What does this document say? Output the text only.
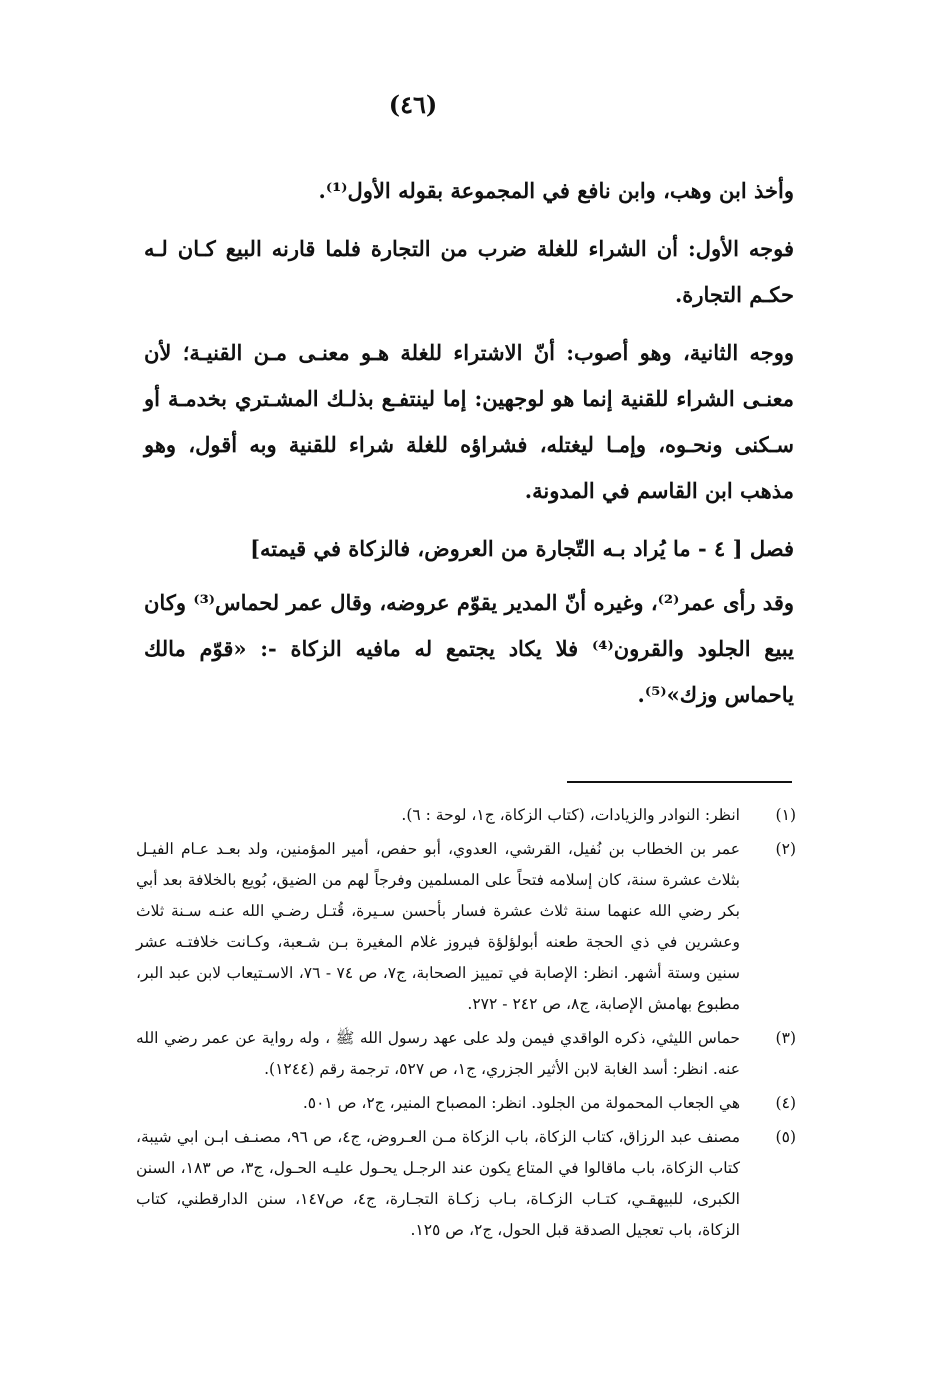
(٤٦)

وأخذ ابن وهب، وابن نافع في المجموعة بقوله الأول⁽¹⁾.

فوجه الأول: أن الشراء للغلة ضرب من التجارة فلما قارنه البيع كـان لـه حكـم التجارة.

ووجه الثانية، وهو أصوب: أنّ الاشتراء للغلة هـو معنـى مـن القنيـة؛ لأن معنـى الشراء للقنية إنما هو لوجهين: إما لينتفـع بذلـك المشـتري بخدمـة أو سـكنى ونحـوه، وإمـا ليغتله، فشراؤه للغلة شراء للقنية وبه أقول، وهو مذهب ابن القاسم في المدونة.

فصل [ ٤ - ما يُراد بـه التّجارة من العروض، فالزكاة في قيمته]

وقد رأى عمر⁽²⁾، وغيره أنّ المدير يقوّم عروضه، وقال عمر لحماس⁽³⁾ وكان يبيع الجلود والقرون⁽⁴⁾ فلا يكاد يجتمع له مافيه الزكاة -: «قوّم مالك ياحماس وزك»⁽⁵⁾.

(١)
انظر: النوادر والزيادات، (كتاب الزكاة، ج١، لوحة : ٦).
(٢)
عمر بن الخطاب بن نُفيل، القرشي، العدوي، أبو حفص، أمير المؤمنين، ولد بعـد عـام الفيـل بثلاث عشرة سنة، كان إسلامه فتحاً على المسلمين وفرجاً لهم من الضيق، بُويع بالخلافة بعد أبي بكر رضي الله عنهما سنة ثلاث عشرة فسار بأحسن سـيرة، قُتـل رضـي الله عنـه سـنة ثلاث وعشرين في ذي الحجة طعنه أبولؤلؤة فيروز غلام المغيرة بـن شـعبة، وكـانت خلافتـه عشر سنين وستة أشهر. انظر: الإصابة في تمييز الصحابة، ج٧، ص ٧٤ - ٧٦، الاسـتيعاب لابن عبد البر، مطبوع بهامش الإصابة، ج٨، ص ٢٤٢ - ٢٧٢.
(٣)
حماس الليثي، ذكره الواقدي فيمن ولد على عهد رسول الله ﷺ ، وله رواية عن عمر رضي الله عنه. انظر: أسد الغابة لابن الأثير الجزري، ج١، ص ٥٢٧، ترجمة رقم (١٢٤٤).
(٤)
هي الجعاب المحمولة من الجلود. انظر: المصباح المنير، ج٢، ص ٥٠١.
(٥)
مصنف عبد الرزاق، كتاب الزكاة، باب الزكاة مـن العـروض، ج٤، ص ٩٦، مصنـف ابـن ابي شيبة، كتاب الزكاة، باب ماقالوا في المتاع يكون عند الرجـل يحـول عليـه الحـول، ج٣، ص ١٨٣، السنن الكبرى، للبيهقـي، كتـاب الزكـاة، بـاب زكـاة التجـارة، ج٤، ص١٤٧، سنن الدارقطني، كتاب الزكاة، باب تعجيل الصدقة قبل الحول، ج٢، ص ١٢٥.
